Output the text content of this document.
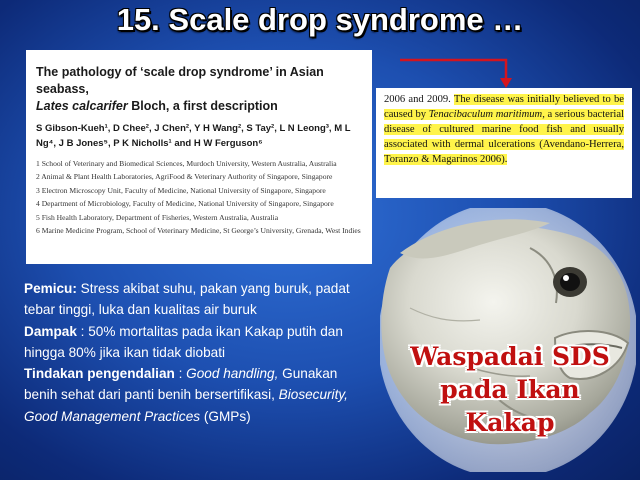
15. Scale drop syndrome …
The pathology of ‘scale drop syndrome’ in Asian seabass,
Lates calcarifer Bloch, a first description
S Gibson-Kueh¹, D Chee², J Chen², Y H Wang², S Tay², L N Leong³, M L Ng⁴, J B Jones⁵, P K Nicholls¹ and H W Ferguson⁶
1 School of Veterinary and Biomedical Sciences, Murdoch University, Western Australia, Australia
2 Animal & Plant Health Laboratories, AgriFood & Veterinary Authority of Singapore, Singapore
3 Electron Microscopy Unit, Faculty of Medicine, National University of Singapore, Singapore
4 Department of Microbiology, Faculty of Medicine, National University of Singapore, Singapore
5 Fish Health Laboratory, Department of Fisheries, Western Australia, Australia
6 Marine Medicine Program, School of Veterinary Medicine, St George’s University, Grenada, West Indies
2006 and 2009. The disease was initially believed to be caused by Tenacibaculum maritimum, a serious bacterial disease of cultured marine food fish and usually associated with dermal ulcerations (Avendano-Herrera, Toranzo & Magarinos 2006).
Waspadai SDS
pada Ikan Kakap
Pemicu: Stress akibat suhu, pakan yang buruk, padat tebar tinggi, luka dan kualitas air buruk
Dampak : 50% mortalitas pada ikan Kakap putih dan hingga 80% jika ikan tidak diobati
Tindakan pengendalian : Good handling, Gunakan benih sehat dari panti benih bersertifikasi, Biosecurity, Good Management Practices (GMPs)
